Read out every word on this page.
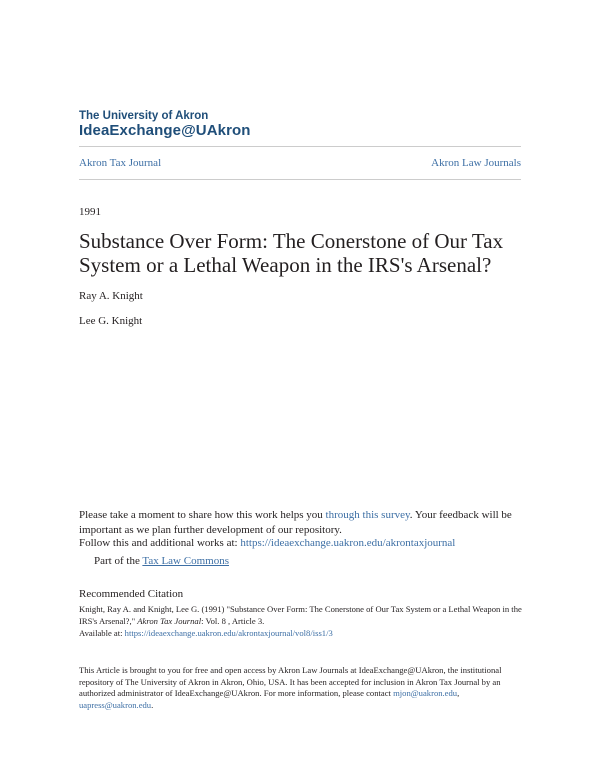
The University of Akron
IdeaExchange@UAkron
Akron Tax Journal	Akron Law Journals
1991
Substance Over Form: The Conerstone of Our Tax System or a Lethal Weapon in the IRS's Arsenal?
Ray A. Knight
Lee G. Knight
Please take a moment to share how this work helps you through this survey. Your feedback will be important as we plan further development of our repository.
Follow this and additional works at: https://ideaexchange.uakron.edu/akrontaxjournal
Part of the Tax Law Commons
Recommended Citation
Knight, Ray A. and Knight, Lee G. (1991) "Substance Over Form: The Conerstone of Our Tax System or a Lethal Weapon in the IRS's Arsenal?," Akron Tax Journal: Vol. 8 , Article 3.
Available at: https://ideaexchange.uakron.edu/akrontaxjournal/vol8/iss1/3
This Article is brought to you for free and open access by Akron Law Journals at IdeaExchange@UAkron, the institutional repository of The University of Akron in Akron, Ohio, USA. It has been accepted for inclusion in Akron Tax Journal by an authorized administrator of IdeaExchange@UAkron. For more information, please contact mjon@uakron.edu, uapress@uakron.edu.
